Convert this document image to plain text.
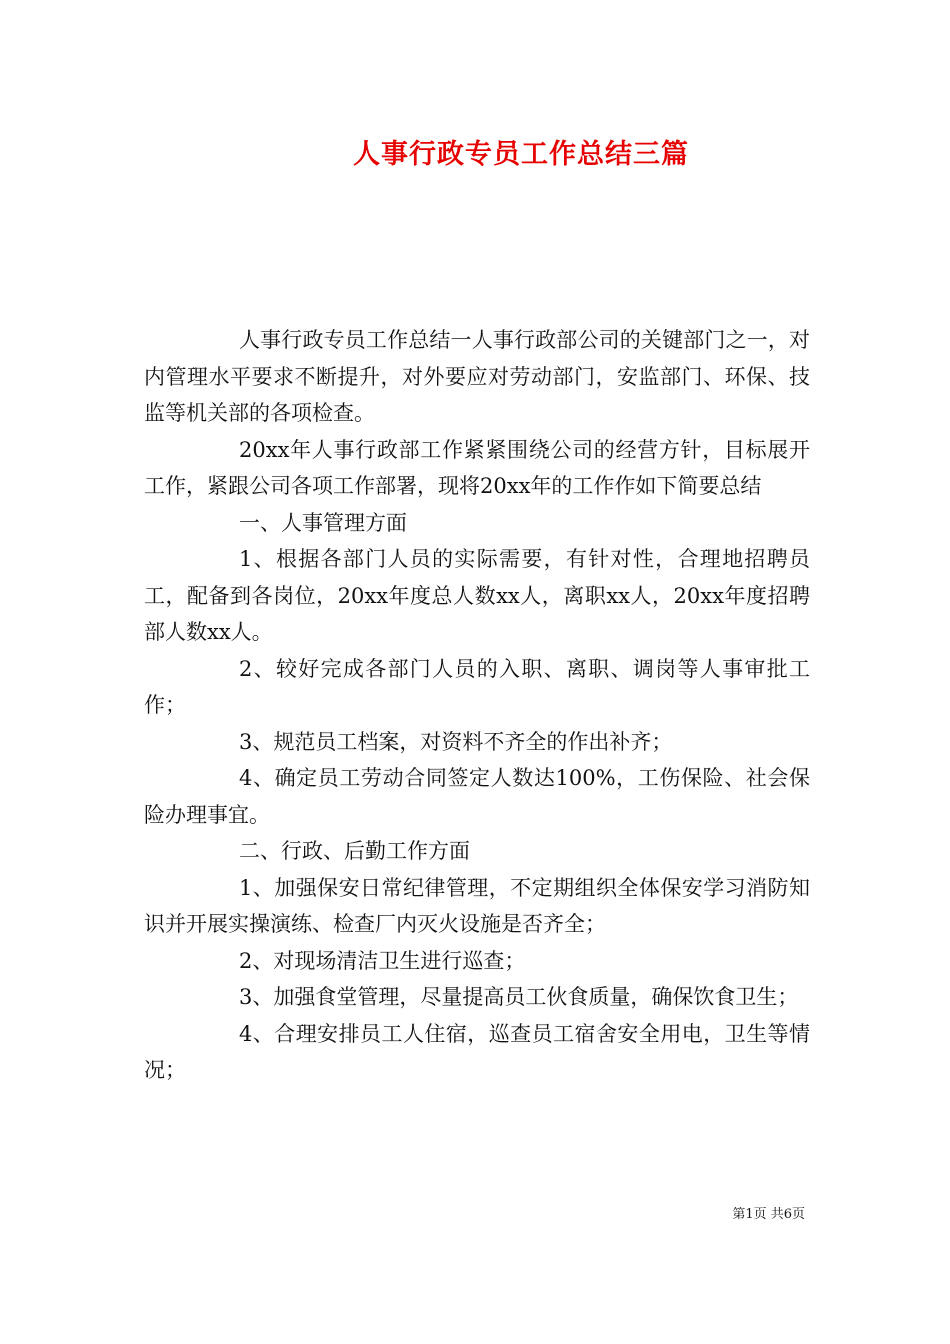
人事行政专员工作总结三篇

人事行政专员工作总结一人事行政部公司的关键部门之一，对内管理水平要求不断提升，对外要应对劳动部门，安监部门、环保、技监等机关部的各项检查。

20xx年人事行政部工作紧紧围绕公司的经营方针，目标展开工作，紧跟公司各项工作部署，现将20xx年的工作作如下简要总结

一、人事管理方面

1、根据各部门人员的实际需要，有针对性，合理地招聘员工，配备到各岗位，20xx年度总人数xx人，离职xx人，20xx年度招聘部人数xx人。

2、较好完成各部门人员的入职、离职、调岗等人事审批工作；

3、规范员工档案，对资料不齐全的作出补齐；

4、确定员工劳动合同签定人数达100%，工伤保险、社会保险办理事宜。

二、行政、后勤工作方面

1、加强保安日常纪律管理，不定期组织全体保安学习消防知识并开展实操演练、检查厂内灭火设施是否齐全；

2、对现场清洁卫生进行巡查；

3、加强食堂管理，尽量提高员工伙食质量，确保饮食卫生；

4、合理安排员工人住宿，巡查员工宿舍安全用电，卫生等情况；

第1页 共6页
